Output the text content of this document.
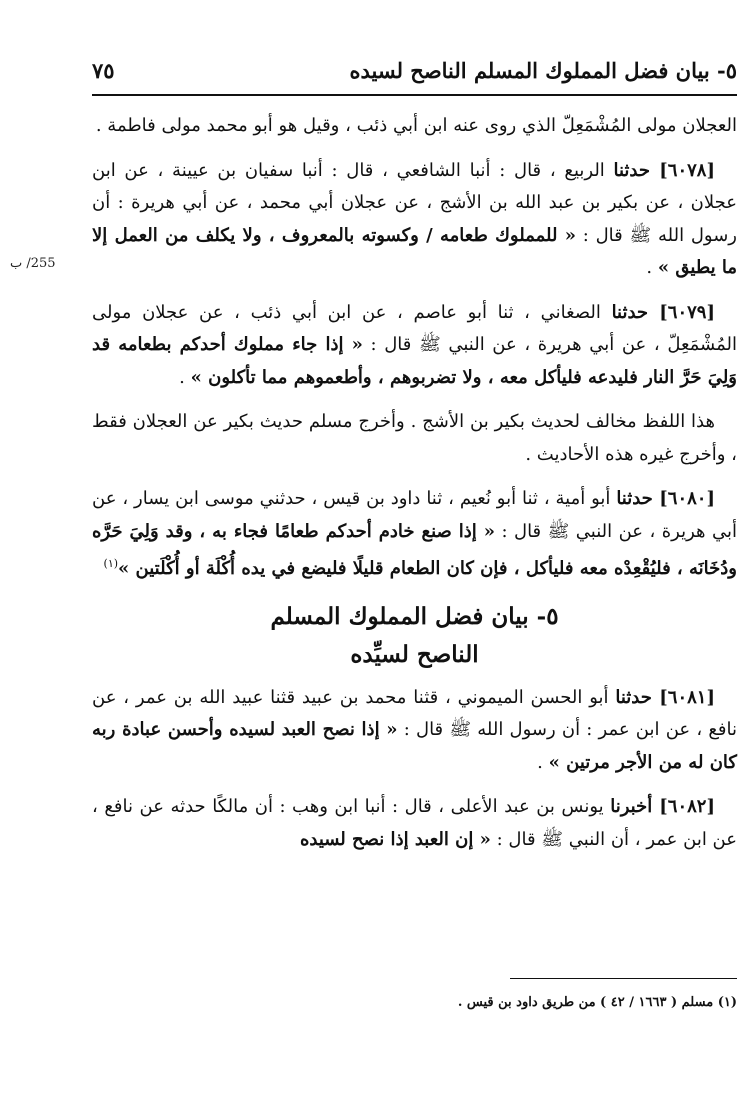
٥- بيان فضل المملوك المسلم الناصح لسيده
٧٥
255/ ب

العجلان مولى المُشْمَعِلّ الذي روى عنه ابن أبي ذئب ، وقيل هو أبو محمد مولى فاطمة .

[٦٠٧٨] حدثنا الربيع ، قال : أنبا الشافعي ، قال : أنبا سفيان بن عيينة ، عن ابن عجلان ، عن بكير بن عبد الله بن الأشج ، عن عجلان أبي محمد ، عن أبي هريرة : أن رسول الله ﷺ قال : « للمملوك طعامه / وكسوته بالمعروف ، ولا يكلف من العمل إلا ما يطيق » .

[٦٠٧٩] حدثنا الصغاني ، ثنا أبو عاصم ، عن ابن أبي ذئب ، عن عجلان مولى المُشْمَعِلّ ، عن أبي هريرة ، عن النبي ﷺ قال : « إذا جاء مملوك أحدكم بطعامه قد وَلِيَ حَرَّ النار فليدعه فليأكل معه ، ولا تضربوهم ، وأطعموهم مما تأكلون » .

هذا اللفظ مخالف لحديث بكير بن الأشج . وأخرج مسلم حديث بكير عن العجلان فقط ، وأخرج غيره هذه الأحاديث .

[٦٠٨٠] حدثنا أبو أمية ، ثنا أبو نُعيم ، ثنا داود بن قيس ، حدثني موسى ابن يسار ، عن أبي هريرة ، عن النبي ﷺ قال : « إذا صنع خادم أحدكم طعامًا فجاء به ، وقد وَلِيَ حَرَّه ودُخَانَه ، فليُقْعِدْه معه فليأكل ، فإن كان الطعام قليلًا فليضع في يده أُكْلَة أو أُكْلَتين »$^{(١)}$

٥- بيان فضل المملوك المسلم
الناصح لسيِّده

[٦٠٨١] حدثنا أبو الحسن الميموني ، قثنا محمد بن عبيد قثنا عبيد الله بن عمر ، عن نافع ، عن ابن عمر : أن رسول الله ﷺ قال : « إذا نصح العبد لسيده وأحسن عبادة ربه كان له من الأجر مرتين » .

[٦٠٨٢] أخبرنا يونس بن عبد الأعلى ، قال : أنبا ابن وهب : أن مالكًا حدثه عن نافع ، عن ابن عمر ، أن النبي ﷺ قال : « إن العبد إذا نصح لسيده

(١) مسلم ( ١٦٦٣ / ٤٢ ) من طريق داود بن قيس .
